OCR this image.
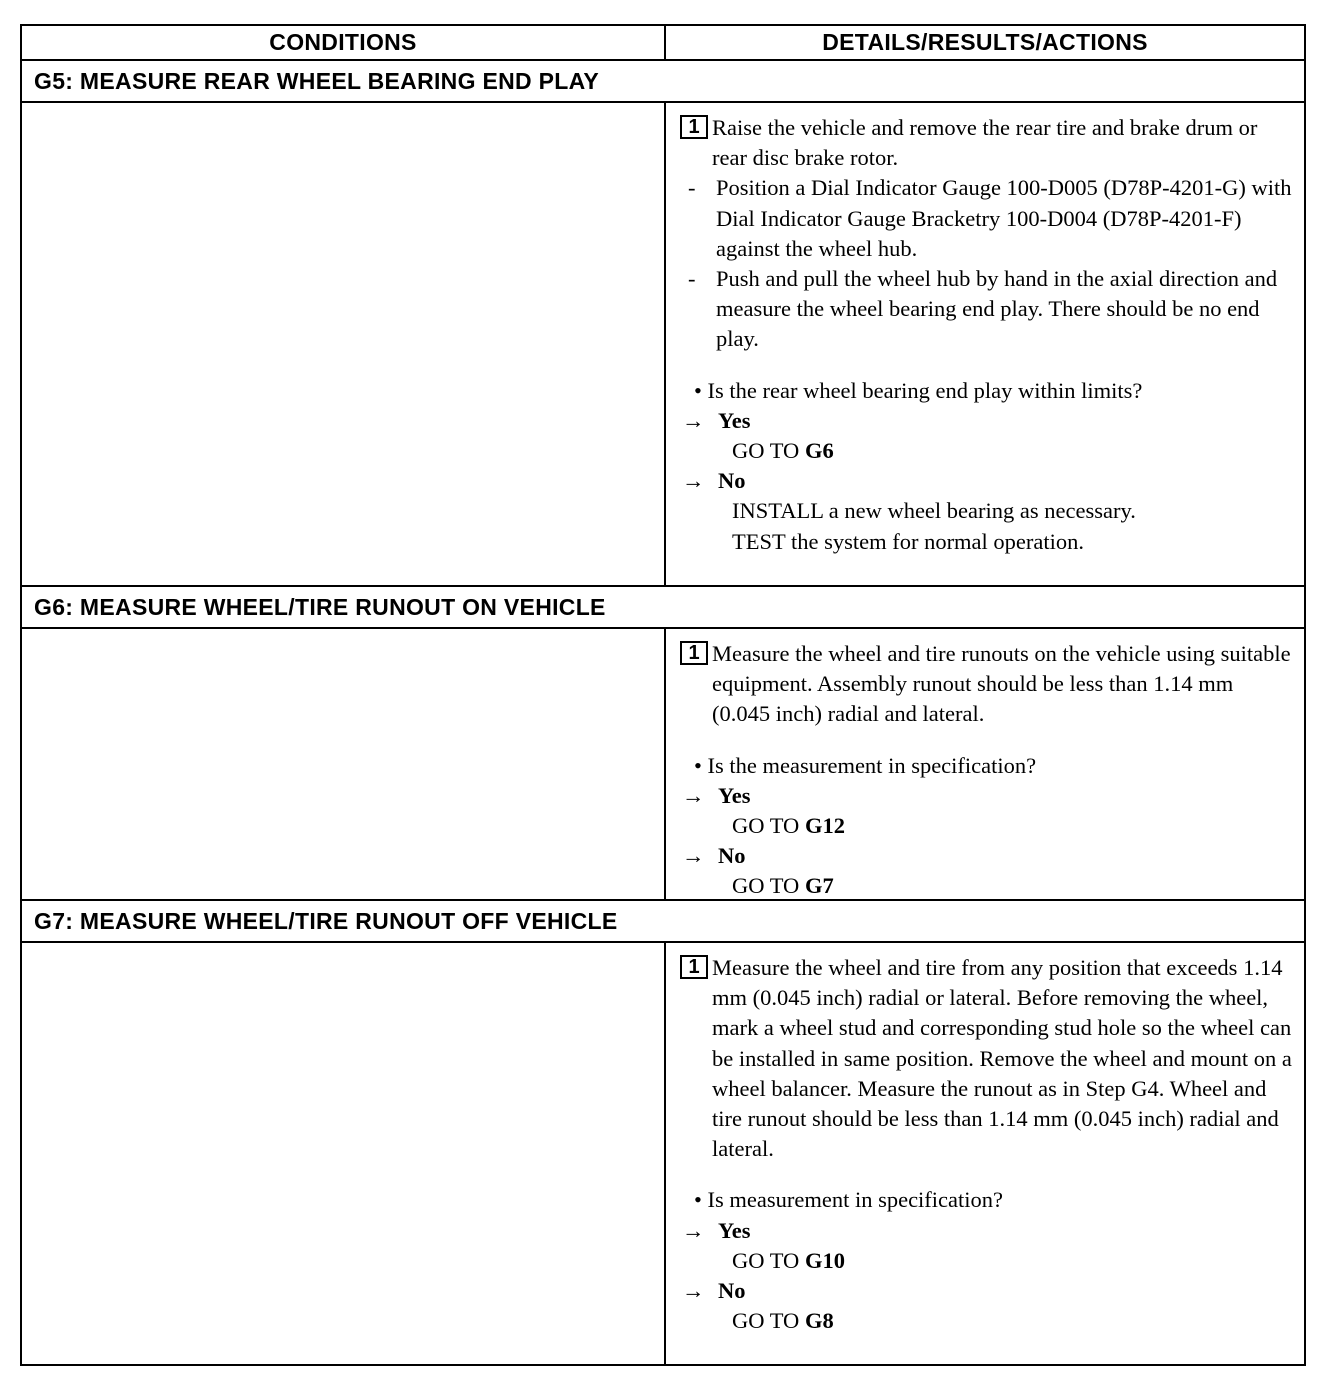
CONDITIONS	DETAILS/RESULTS/ACTIONS
G5: MEASURE REAR WHEEL BEARING END PLAY
1 Raise the vehicle and remove the rear tire and brake drum or rear disc brake rotor.
- Position a Dial Indicator Gauge 100-D005 (D78P-4201-G) with Dial Indicator Gauge Bracketry 100-D004 (D78P-4201-F) against the wheel hub.
- Push and pull the wheel hub by hand in the axial direction and measure the wheel bearing end play. There should be no end play.
• Is the rear wheel bearing end play within limits?
→ Yes
GO TO G6
→ No
INSTALL a new wheel bearing as necessary.
TEST the system for normal operation.
G6: MEASURE WHEEL/TIRE RUNOUT ON VEHICLE
1 Measure the wheel and tire runouts on the vehicle using suitable equipment. Assembly runout should be less than 1.14 mm (0.045 inch) radial and lateral.
• Is the measurement in specification?
→ Yes
GO TO G12
→ No
GO TO G7
G7: MEASURE WHEEL/TIRE RUNOUT OFF VEHICLE
1 Measure the wheel and tire from any position that exceeds 1.14 mm (0.045 inch) radial or lateral. Before removing the wheel, mark a wheel stud and corresponding stud hole so the wheel can be installed in same position. Remove the wheel and mount on a wheel balancer. Measure the runout as in Step G4. Wheel and tire runout should be less than 1.14 mm (0.045 inch) radial and lateral.
• Is measurement in specification?
→ Yes
GO TO G10
→ No
GO TO G8
